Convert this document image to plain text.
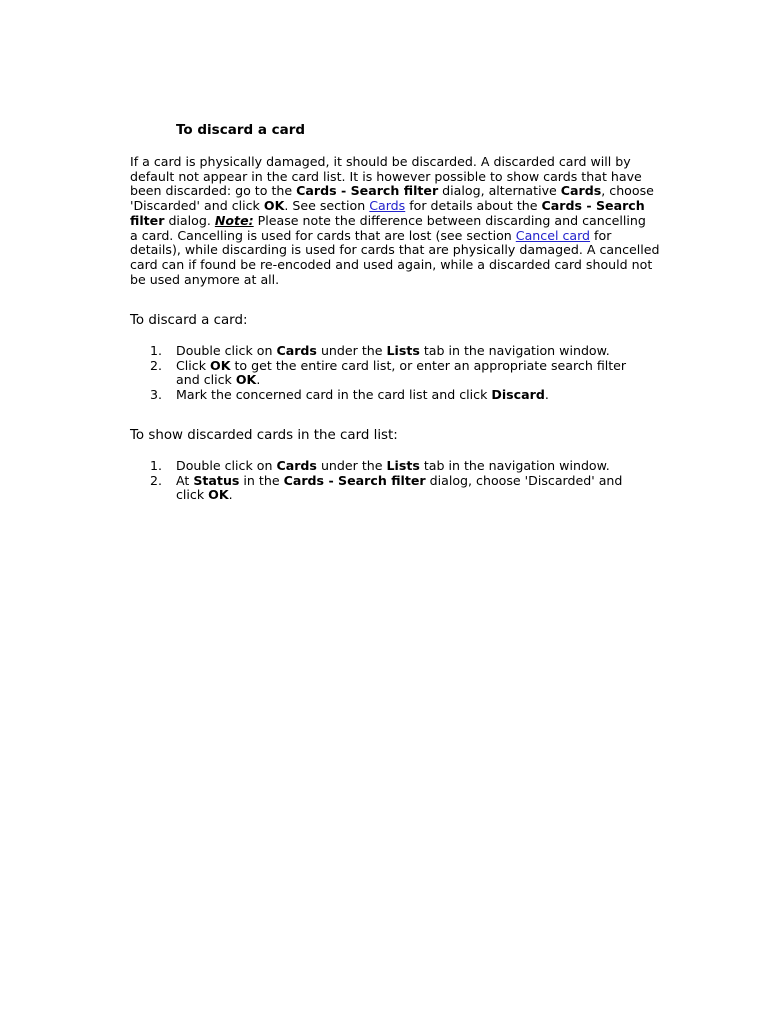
To discard a card
If a card is physically damaged, it should be discarded. A discarded card will by
default not appear in the card list. It is however possible to show cards that have
been discarded: go to the Cards - Search filter dialog, alternative Cards, choose
'Discarded' and click OK. See section Cards for details about the Cards - Search
filter dialog. Note: Please note the difference between discarding and cancelling
a card. Cancelling is used for cards that are lost (see section Cancel card for
details), while discarding is used for cards that are physically damaged. A cancelled
card can if found be re-encoded and used again, while a discarded card should not
be used anymore at all.

To discard a card:

1. Double click on Cards under the Lists tab in the navigation window.
2. Click OK to get the entire card list, or enter an appropriate search filter
and click OK.
3. Mark the concerned card in the card list and click Discard.

To show discarded cards in the card list:

1. Double click on Cards under the Lists tab in the navigation window.
2. At Status in the Cards - Search filter dialog, choose 'Discarded' and
click OK.
